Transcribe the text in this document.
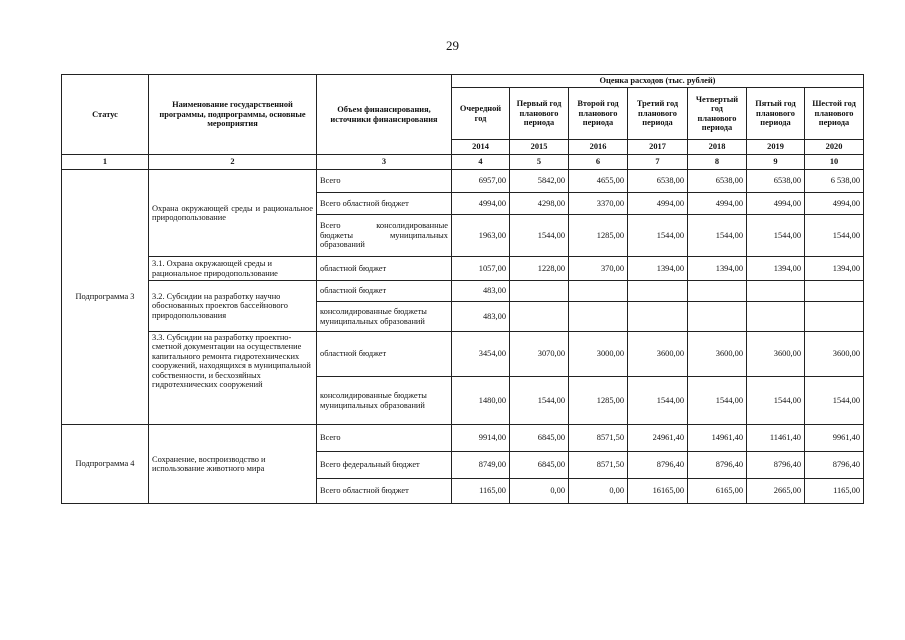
29
Статус	Наименование государственной программы, подпрограммы, основные мероприятия	Объем финансирования, источники финансирования	Оценка расходов (тыс. рублей)						
			Очередной год	Первый год планового периода	Второй год планового периода	Третий год планового периода	Четвертый год планового периода	Пятый год планового периода	Шестой год планового периода
			2014	2015	2016	2017	2018	2019	2020
1	2	3	4	5	6	7	8	9	10
Подпрограмма 3	Охрана окружающей среды и рациональное природопользование	Всего	6957,00	5842,00	4655,00	6538,00	6538,00	6538,00	6 538,00
		Всего областной бюджет	4994,00	4298,00	3370,00	4994,00	4994,00	4994,00	4994,00
		Всего консолидированные бюджеты муниципальных образований	1963,00	1544,00	1285,00	1544,00	1544,00	1544,00	1544,00
	3.1. Охрана окружающей среды и рациональное природопользование	областной бюджет	1057,00	1228,00	370,00	1394,00	1394,00	1394,00	1394,00
	3.2. Субсидии на разработку научно обоснованных проектов бассейнового природопользования	областной бюджет	483,00						
		консолидированные бюджеты муниципальных образований	483,00						
	3.3. Субсидии на разработку проектно-сметной документации на осуществление капитального ремонта гидротехнических сооружений, находящихся в муниципальной собственности, и бесхозяйных гидротехнических сооружений	областной бюджет	3454,00	3070,00	3000,00	3600,00	3600,00	3600,00	3600,00
		консолидированные бюджеты муниципальных образований	1480,00	1544,00	1285,00	1544,00	1544,00	1544,00	1544,00
Подпрограмма 4	Сохранение, воспроизводство и использование животного мира	Всего	9914,00	6845,00	8571,50	24961,40	14961,40	11461,40	9961,40
		Всего федеральный бюджет	8749,00	6845,00	8571,50	8796,40	8796,40	8796,40	8796,40
		Всего областной бюджет	1165,00	0,00	0,00	16165,00	6165,00	2665,00	1165,00
